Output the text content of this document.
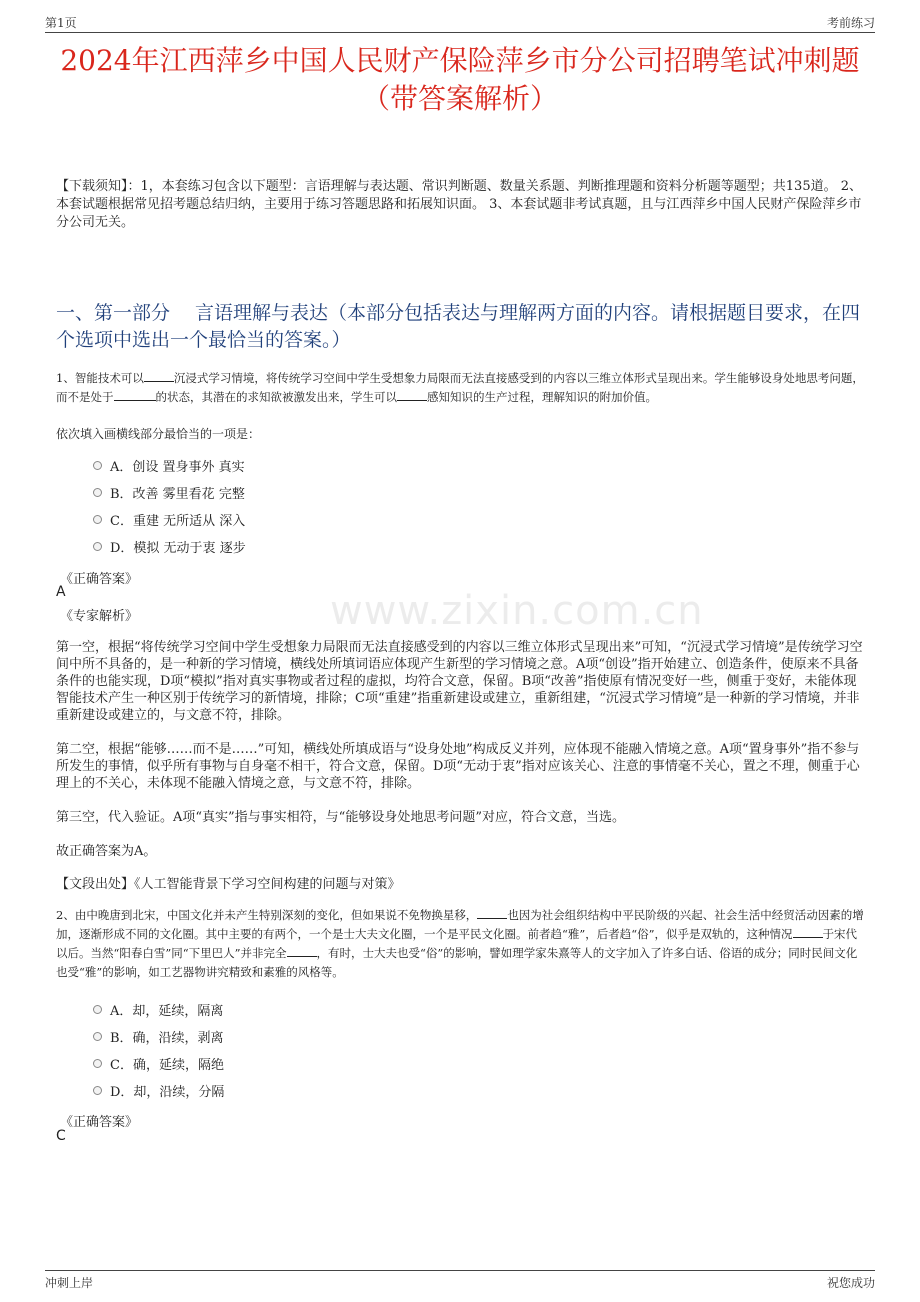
第1页	考前练习
2024年江西萍乡中国人民财产保险萍乡市分公司招聘笔试冲刺题（带答案解析）
【下载须知】：1，本套练习包含以下题型：言语理解与表达题、常识判断题、数量关系题、判断推理题和资料分析题等题型；共135道。 2、本套试题根据常见招考题总结归纳，主要用于练习答题思路和拓展知识面。 3、本套试题非考试真题，且与江西萍乡中国人民财产保险萍乡市分公司无关。
一、第一部分　 言语理解与表达（本部分包括表达与理解两方面的内容。请根据题目要求，在四个选项中选出一个最恰当的答案。）
1、智能技术可以	沉浸式学习情境，将传统学习空间中学生受想象力局限而无法直接感受到的内容以三维立体形式呈现出来。学生能够设身处地思考问题，而不是处于	的状态，其潜在的求知欲被激发出来，学生可以	感知知识的生产过程，理解知识的附加价值。
依次填入画横线部分最恰当的一项是：
A．创设 置身事外 真实
B．改善 雾里看花 完整
C．重建 无所适从 深入
D．模拟 无动于衷 逐步
《正确答案》
A
《专家解析》	www.zixin.com.cn
第一空，根据“将传统学习空间中学生受想象力局限而无法直接感受到的内容以三维立体形式呈现出来”可知，“沉浸式学习情境”是传统学习空间中所不具备的，是一种新的学习情境，横线处所填词语应体现产生新型的学习情境之意。A项“创设”指开始建立、创造条件，使原来不具备条件的也能实现，D项“模拟”指对真实事物或者过程的虚拟，均符合文意，保留。B项“改善”指使原有情况变好一些，侧重于变好，未能体现智能技术产生一种区别于传统学习的新情境，排除；C项“重建”指重新建设或建立，重新组建，“沉浸式学习情境”是一种新的学习情境，并非重新建设或建立的，与文意不符，排除。
第二空，根据“能够……而不是……”可知，横线处所填成语与“设身处地”构成反义并列，应体现不能融入情境之意。A项“置身事外”指不参与所发生的事情，似乎所有事物与自身毫不相干，符合文意，保留。D项“无动于衷”指对应该关心、注意的事情毫不关心，置之不理，侧重于心理上的不关心，未体现不能融入情境之意，与文意不符，排除。
第三空，代入验证。A项“真实”指与事实相符，与“能够设身处地思考问题”对应，符合文意，当选。
故正确答案为A。
【文段出处】《人工智能背景下学习空间构建的问题与对策》
2、由中晚唐到北宋，中国文化并未产生特别深刻的变化，但如果说不免物换星移，	也因为社会组织结构中平民阶级的兴起、社会生活中经贸活动因素的增加，逐渐形成不同的文化圈。其中主要的有两个，一个是士大夫文化圈，一个是平民文化圈。前者趋“雅”，后者趋“俗”，似乎是双轨的，这种情况	于宋代以后。当然“阳春白雪”同“下里巴人”并非完全	，有时，士大夫也受“俗”的影响，譬如理学家朱熹等人的文字加入了许多白话、俗语的成分；同时民间文化也受“雅”的影响，如工艺器物讲究精致和素雅的风格等。
A．却，延续，隔离
B．确，沿续，剥离
C．确，延续，隔绝
D．却，沿续，分隔
《正确答案》
C
冲刺上岸	祝您成功
